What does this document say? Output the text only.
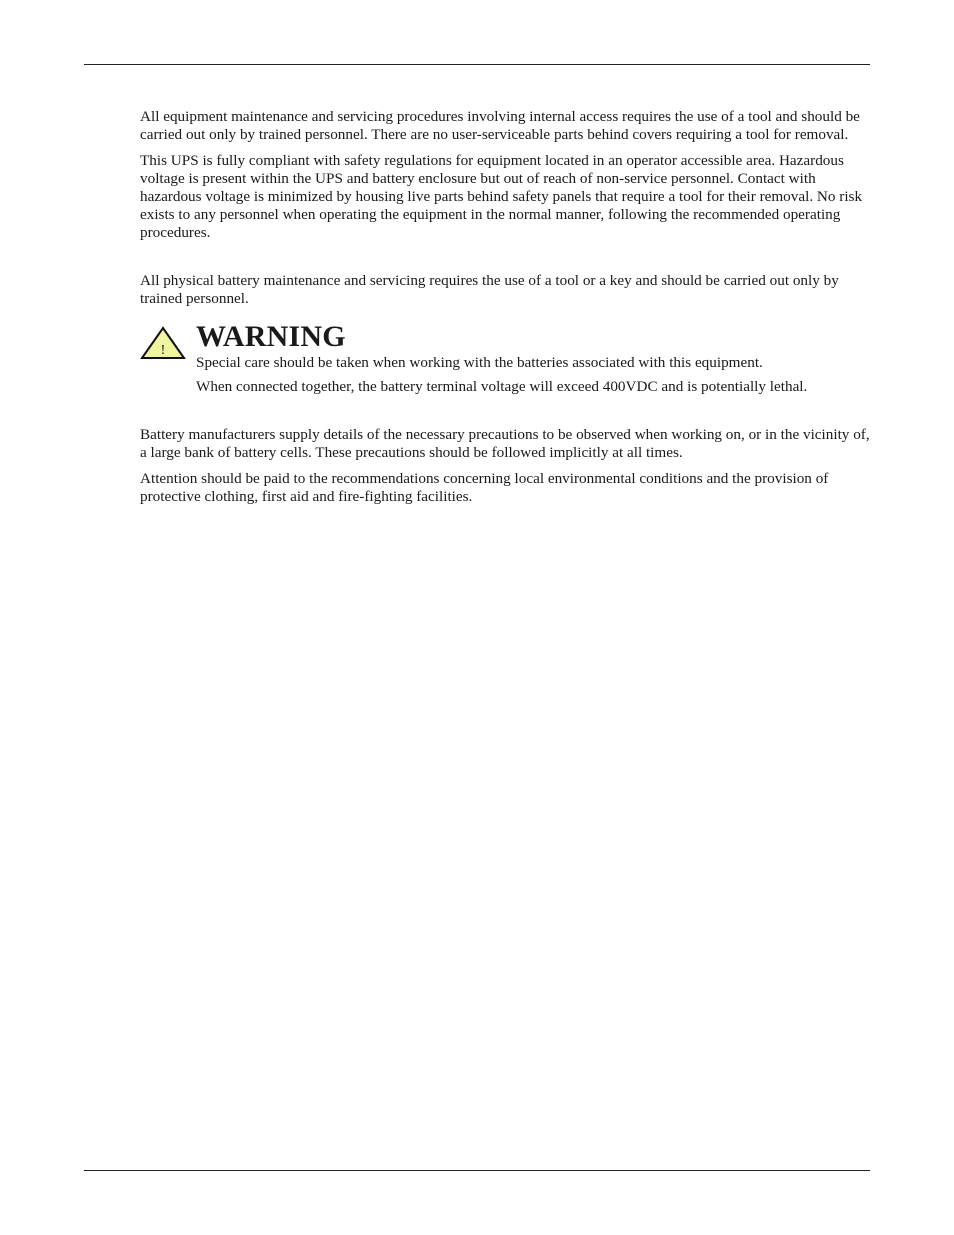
All equipment maintenance and servicing procedures involving internal access requires the use of a tool and should be carried out only by trained personnel. There are no user-serviceable parts behind covers requiring a tool for removal.

This UPS is fully compliant with safety regulations for equipment located in an operator accessible area. Hazardous voltage is present within the UPS and battery enclosure but out of reach of non-service personnel. Contact with hazardous voltage is minimized by housing live parts behind safety panels that require a tool for their removal. No risk exists to any personnel when operating the equipment in the normal manner, following the recommended operating procedures.

All physical battery maintenance and servicing requires the use of a tool or a key and should be carried out only by trained personnel.

! WARNING

Special care should be taken when working with the batteries associated with this equipment.

When connected together, the battery terminal voltage will exceed 400VDC and is potentially lethal.

Battery manufacturers supply details of the necessary precautions to be observed when working on, or in the vicinity of, a large bank of battery cells. These precautions should be followed implicitly at all times.

Attention should be paid to the recommendations concerning local environmental conditions and the provision of protective clothing, first aid and fire-fighting facilities.
